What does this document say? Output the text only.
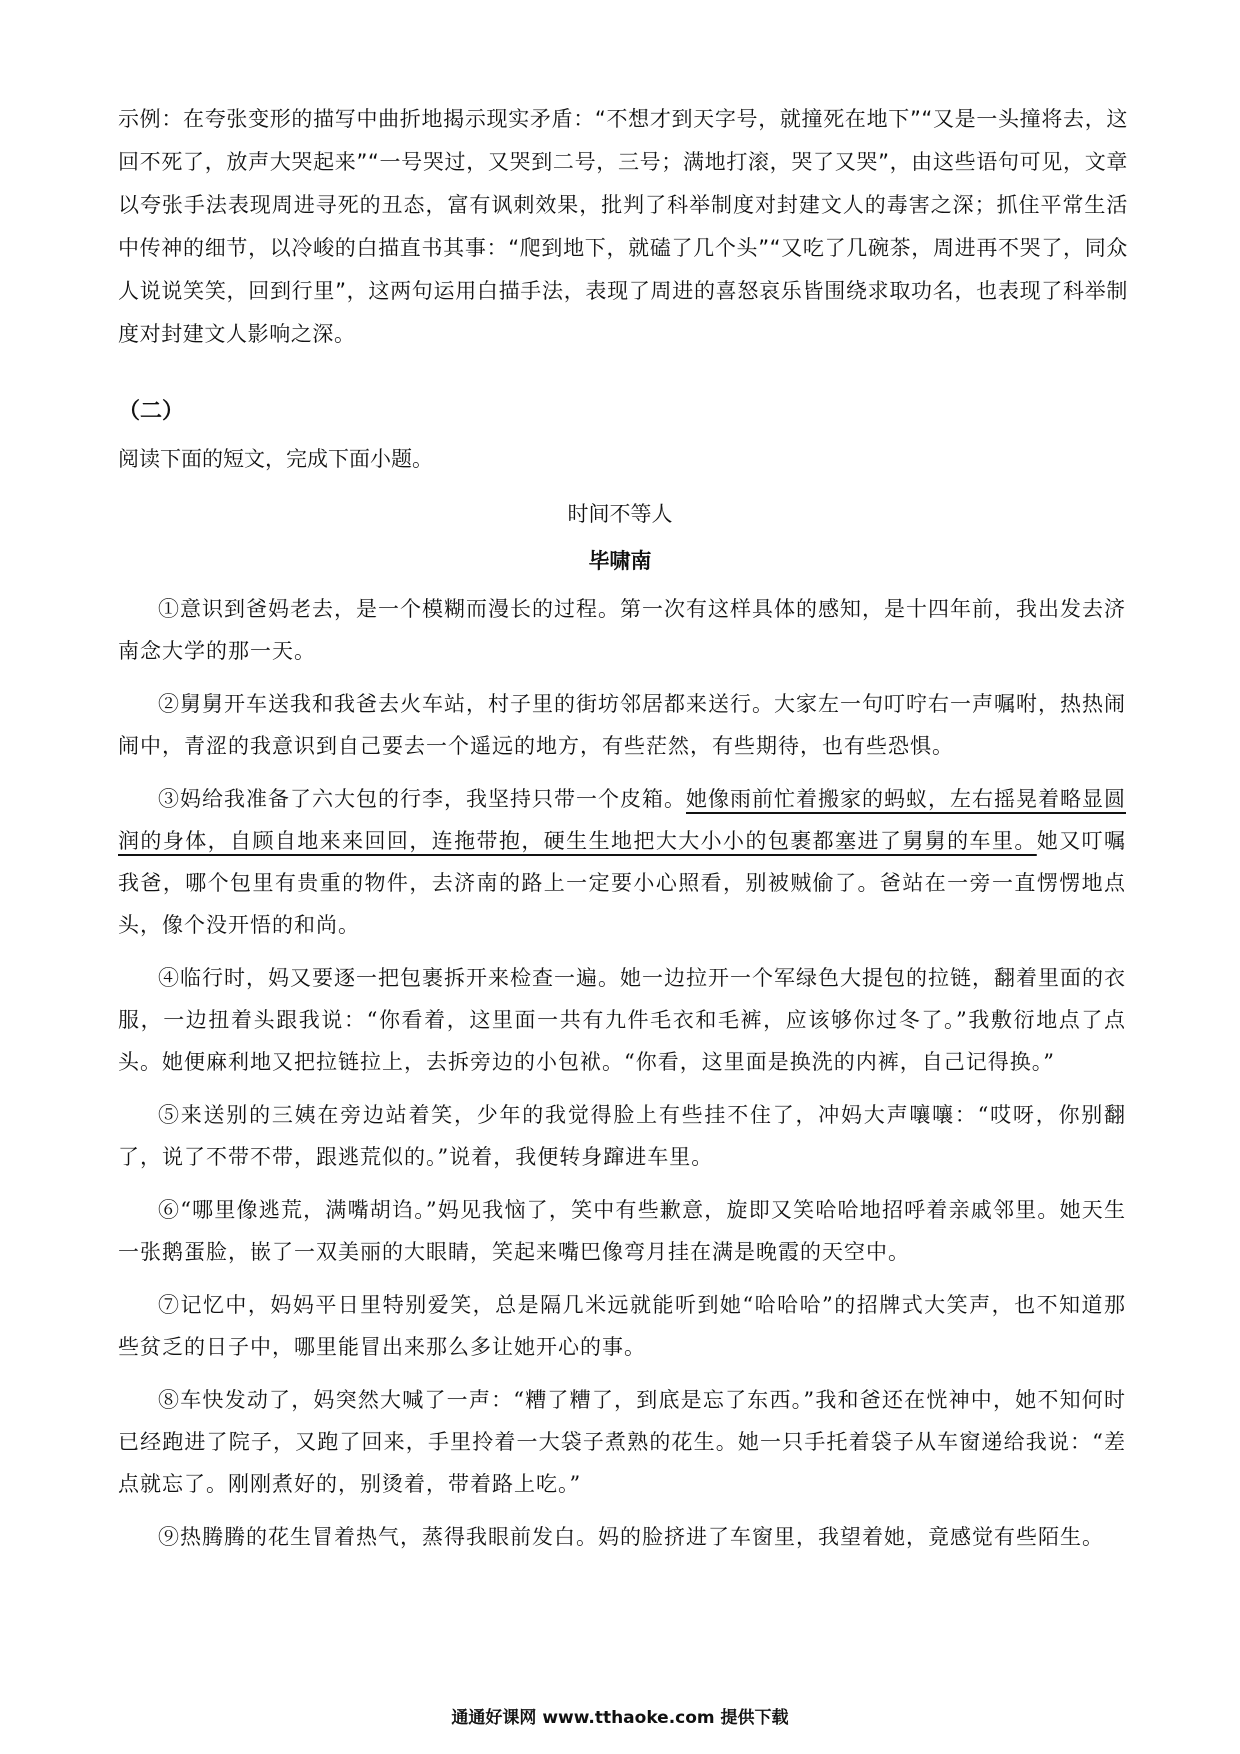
示例：在夸张变形的描写中曲折地揭示现实矛盾：“不想才到天字号，就撞死在地下”“又是一头撞将去，这回不死了，放声大哭起来”“一号哭过，又哭到二号，三号；满地打滚，哭了又哭”，由这些语句可见，文章以夸张手法表现周进寻死的丑态，富有讽刺效果，批判了科举制度对封建文人的毒害之深；抓住平常生活中传神的细节，以冷峻的白描直书其事：“爬到地下，就磕了几个头”“又吃了几碗茶，周进再不哭了，同众人说说笑笑，回到行里”，这两句运用白描手法，表现了周进的喜怒哀乐皆围绕求取功名，也表现了科举制度对封建文人影响之深。
（二）
阅读下面的短文，完成下面小题。
时间不等人
毕啸南

①意识到爸妈老去，是一个模糊而漫长的过程。第一次有这样具体的感知，是十四年前，我出发去济南念大学的那一天。

②舅舅开车送我和我爸去火车站，村子里的街坊邻居都来送行。大家左一句叮咛右一声嘱咐，热热闹闹中，青涩的我意识到自己要去一个遥远的地方，有些茫然，有些期待，也有些恐惧。

③妈给我准备了六大包的行李，我坚持只带一个皮箱。她像雨前忙着搬家的蚂蚁，左右摇晃着略显圆润的身体，自顾自地来来回回，连拖带抱，硬生生地把大大小小的包裹都塞进了舅舅的车里。她又叮嘱我爸，哪个包里有贵重的物件，去济南的路上一定要小心照看，别被贼偷了。爸站在一旁一直愣愣地点头，像个没开悟的和尚。

④临行时，妈又要逐一把包裹拆开来检查一遍。她一边拉开一个军绿色大提包的拉链，翻着里面的衣服，一边扭着头跟我说：“你看着，这里面一共有九件毛衣和毛裤，应该够你过冬了。”我敷衍地点了点头。她便麻利地又把拉链拉上，去拆旁边的小包袱。“你看，这里面是换洗的内裤，自己记得换。”

⑤来送别的三姨在旁边站着笑，少年的我觉得脸上有些挂不住了，冲妈大声嚷嚷：“哎呀，你别翻了，说了不带不带，跟逃荒似的。”说着，我便转身蹿进车里。

⑥“哪里像逃荒，满嘴胡诌。”妈见我恼了，笑中有些歉意，旋即又笑哈哈地招呼着亲戚邻里。她天生一张鹅蛋脸，嵌了一双美丽的大眼睛，笑起来嘴巴像弯月挂在满是晚霞的天空中。

⑦记忆中，妈妈平日里特别爱笑，总是隔几米远就能听到她“哈哈哈”的招牌式大笑声，也不知道那些贫乏的日子中，哪里能冒出来那么多让她开心的事。

⑧车快发动了，妈突然大喊了一声：“糟了糟了，到底是忘了东西。”我和爸还在恍神中，她不知何时已经跑进了院子，又跑了回来，手里拎着一大袋子煮熟的花生。她一只手托着袋子从车窗递给我说：“差点就忘了。刚刚煮好的，别烫着，带着路上吃。”

⑨热腾腾的花生冒着热气，蒸得我眼前发白。妈的脸挤进了车窗里，我望着她，竟感觉有些陌生。

通通好课网 www.tthaoke.com 提供下载
